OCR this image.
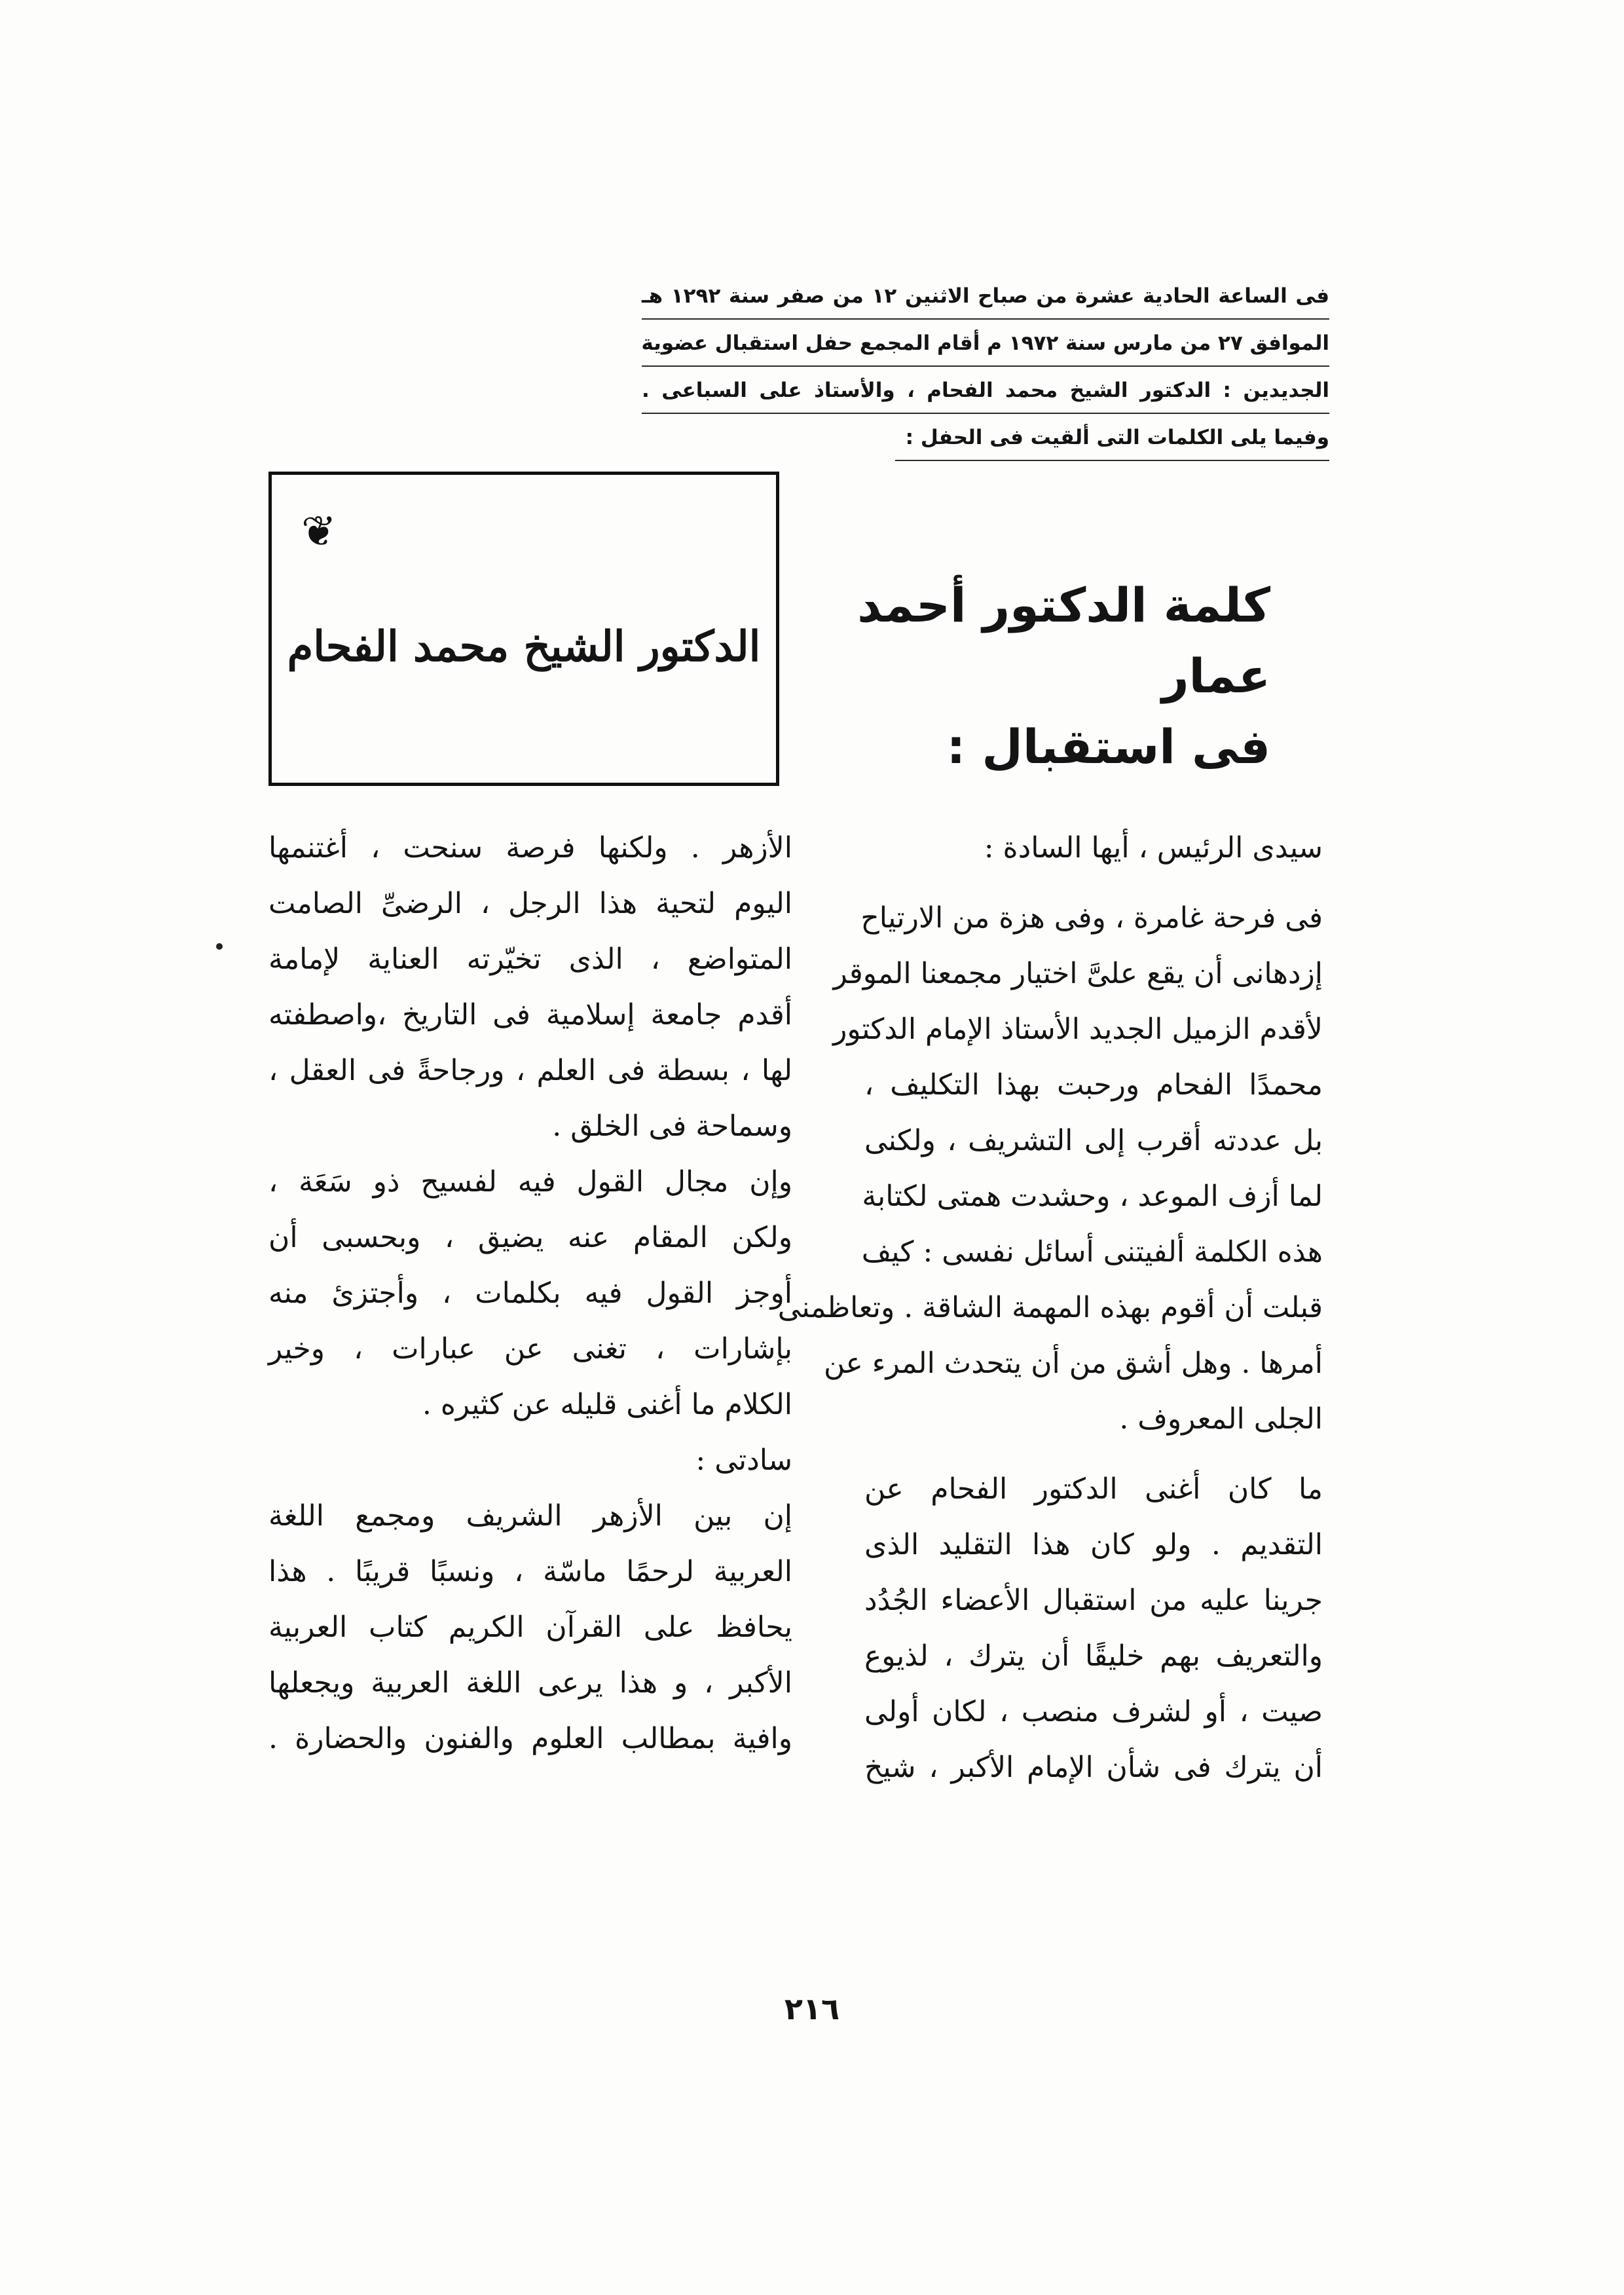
فى الساعة الحادية عشرة من صباح الاثنين ١٢ من صفر سنة ١٢٩٢ هـ
الموافق ٢٧ من مارس سنة ١٩٧٢ م أقام المجمع حفل استقبال عضوية
الجديدين : الدكتور الشيخ محمد الفحام ، والأستاذ على السباعى .
وفيما يلى الكلمات التى ألقيت فى الحفل :
❦
الدكتور الشيخ محمد الفحام
كلمة الدكتور أحمد عمار
فى استقبال :
سيدى الرئيس ، أيها السادة :
فى فرحة غامرة ، وفى هزة من الارتياح
إزدهانى أن يقع علىَّ اختيار مجمعنا الموقر
لأقدم الزميل الجديد الأستاذ الإمام الدكتور
محمدًا الفحام ورحبت بهذا التكليف ،
بل عددته أقرب إلى التشريف ، ولكنى
لما أزف الموعد ، وحشدت همتى لكتابة
هذه الكلمة ألفيتنى أسائل نفسى : كيف
قبلت أن أقوم بهذه المهمة الشاقة . وتعاظمنى
أمرها . وهل أشق من أن يتحدث المرء عن
الجلى المعروف .
ما كان أغنى الدكتور الفحام عن
التقديم . ولو كان هذا التقليد الذى
جرينا عليه من استقبال الأعضاء الجُدُد
والتعريف بهم خليقًا أن يترك ، لذيوع
صيت ، أو لشرف منصب ، لكان أولى
أن يترك فى شأن الإمام الأكبر ، شيخ
الأزهر . ولكنها فرصة سنحت ، أغتنمها
اليوم لتحية هذا الرجل ، الرضىِّ الصامت
المتواضع ، الذى تخيّرته العناية لإمامة
أقدم جامعة إسلامية فى التاريخ ،واصطفته
لها ، بسطة فى العلم ، ورجاحةً فى العقل ،
وسماحة فى الخلق .
وإن مجال القول فيه لفسيح ذو سَعَة ،
ولكن المقام عنه يضيق ، وبحسبى أن
أوجز القول فيه بكلمات ، وأجتزئ منه
بإشارات ، تغنى عن عبارات ، وخير
الكلام ما أغنى قليله عن كثيره .
سادتى :
إن بين الأزهر الشريف ومجمع اللغة
العربية لرحمًا ماسّة ، ونسبًا قريبًا . هذا
يحافظ على القرآن الكريم كتاب العربية
الأكبر ، و هذا يرعى اللغة العربية ويجعلها
وافية بمطالب العلوم والفنون والحضارة .
٢١٦
